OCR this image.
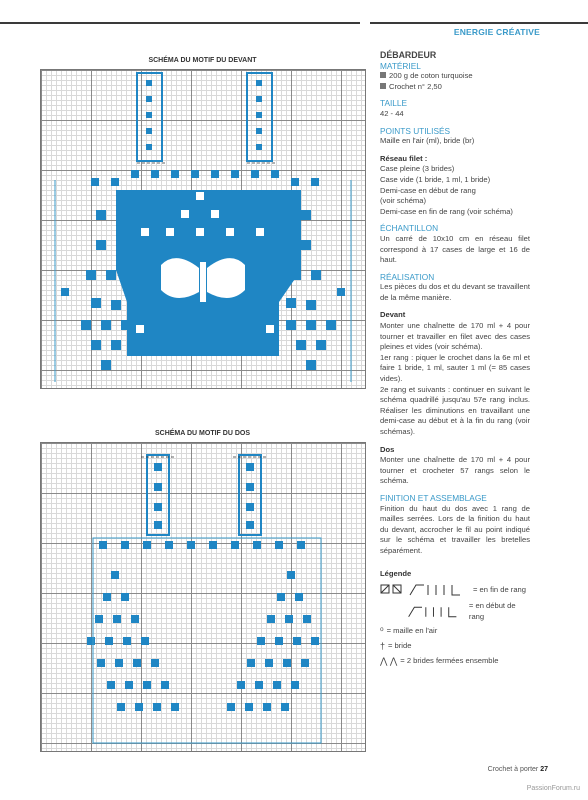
ENERGIE CRÉATIVE
SCHÉMA DU MOTIF DU DEVANT
SCHÉMA DU MOTIF DU DOS
DÉBARDEUR
MATÉRIEL
200 g de coton turquoise
Crochet n° 2,50
TAILLE
42 - 44
POINTS UTILISÉS
Maille en l'air (ml), bride (br)
Réseau filet :
Case pleine (3 brides)
Case vide (1 bride, 1 ml, 1 bride)
Demi-case en début de rang
(voir schéma)
Demi-case en fin de rang (voir schéma)
ÉCHANTILLON

Un carré de 10x10 cm en réseau filet correspond à 17 cases de large et 16 de haut.

RÉALISATION

Les pièces du dos et du devant se travaillent de la même manière.

Devant

Monter une chaînette de 170 ml + 4 pour tourner et travailler en filet avec des cases pleines et vides (voir schéma).

1er rang : piquer le crochet dans la 6e ml et faire 1 bride, 1 ml, sauter 1 ml (= 85 cases vides).

2e rang et suivants : continuer en suivant le schéma quadrillé jusqu'au 57e rang inclus. Réaliser les diminutions en travaillant une demi-case au début et à la fin du rang (voir schémas).

Dos

Monter une chaînette de 170 ml + 4 pour tourner et crocheter 57 rangs selon le schéma.

FINITION ET ASSEMBLAGE

Finition du haut du dos avec 1 rang de mailles serrées. Lors de la finition du haut du devant, accrocher le fil au point indiqué sur le schéma et travailler les bretelles séparément.

Légende
= en fin de rang
= en début de rang
⁰ = maille en l'air
† = bride
⋀ ⋀ = 2 brides fermées ensemble
Crochet à porter 27
PassionForum.ru
